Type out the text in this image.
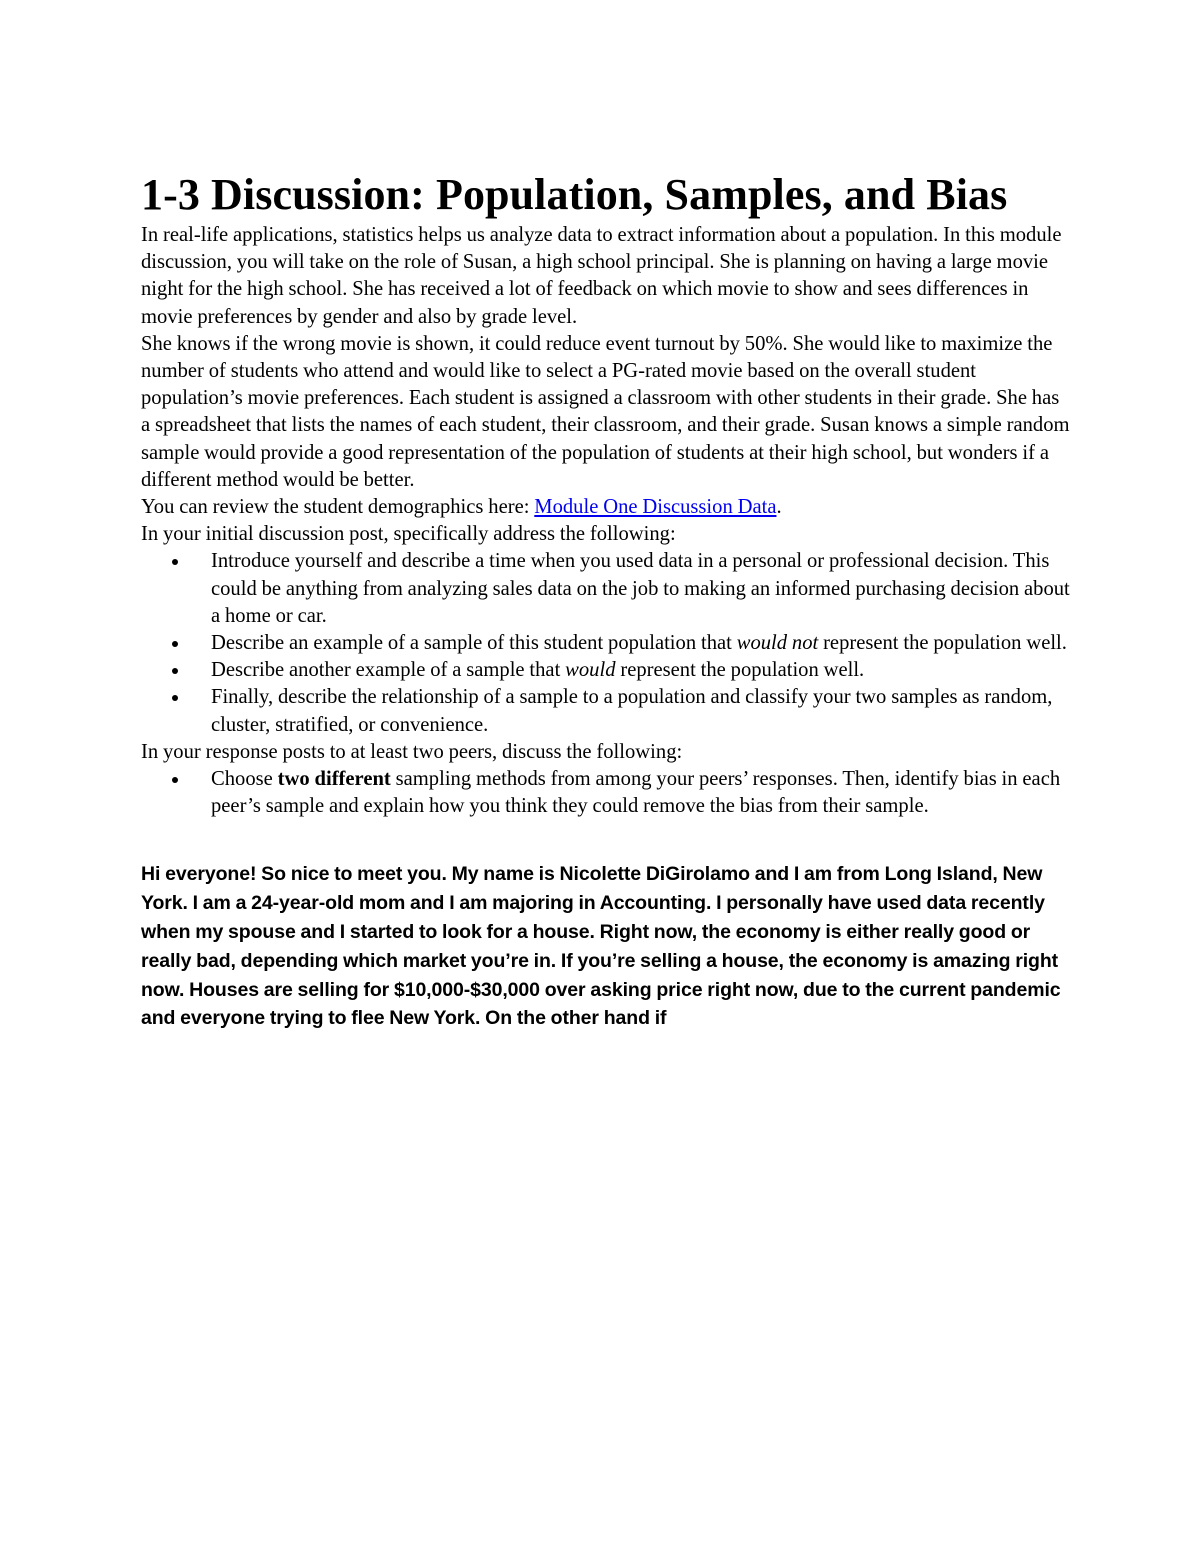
1-3 Discussion: Population, Samples, and Bias

In real-life applications, statistics helps us analyze data to extract information about a population. In this module discussion, you will take on the role of Susan, a high school principal. She is planning on having a large movie night for the high school. She has received a lot of feedback on which movie to show and sees differences in movie preferences by gender and also by grade level.

She knows if the wrong movie is shown, it could reduce event turnout by 50%. She would like to maximize the number of students who attend and would like to select a PG-rated movie based on the overall student population’s movie preferences. Each student is assigned a classroom with other students in their grade. She has a spreadsheet that lists the names of each student, their classroom, and their grade. Susan knows a simple random sample would provide a good representation of the population of students at their high school, but wonders if a different method would be better.

You can review the student demographics here: Module One Discussion Data.

In your initial discussion post, specifically address the following:

Introduce yourself and describe a time when you used data in a personal or professional decision. This could be anything from analyzing sales data on the job to making an informed purchasing decision about a home or car.
Describe an example of a sample of this student population that would not represent the population well.
Describe another example of a sample that would represent the population well.
Finally, describe the relationship of a sample to a population and classify your two samples as random, cluster, stratified, or convenience.

In your response posts to at least two peers, discuss the following:

Choose two different sampling methods from among your peers’ responses. Then, identify bias in each peer’s sample and explain how you think they could remove the bias from their sample.

Hi everyone! So nice to meet you. My name is Nicolette DiGirolamo and I am from Long Island, New York. I am a 24-year-old mom and I am majoring in Accounting. I personally have used data recently when my spouse and I started to look for a house. Right now, the economy is either really good or really bad, depending which market you’re in. If you’re selling a house, the economy is amazing right now. Houses are selling for $10,000-$30,000 over asking price right now, due to the current pandemic and everyone trying to flee New York. On the other hand if
